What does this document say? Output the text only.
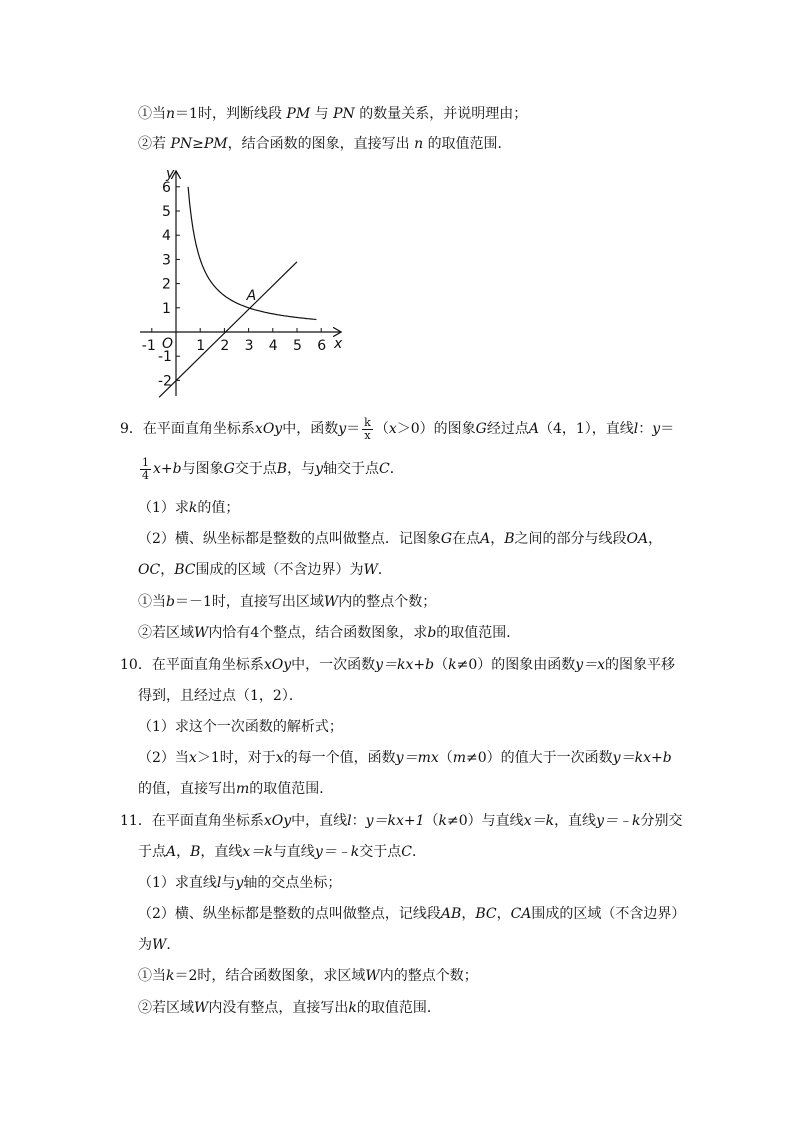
①当n＝1时，判断线段 PM 与 PN 的数量关系，并说明理由；
②若 PN≥PM，结合函数的图象，直接写出 n 的取值范围．
-1	1 2 3 4 5 6
6
5
4
3
2
1
-1
-2
y
x
O
A
9．在平面直角坐标系xOy中，函数$y= \frac{k}{x} (x>0)$的图象G经过点A（4，1），直线l：y＝
$\frac{1}{4} x+b$与图象G交于点B，与y轴交于点C．
（1）求k的值；
（2）横、纵坐标都是整数的点叫做整点．记图象G在点A，B之间的部分与线段OA，
OC，BC围成的区域（不含边界）为W．
①当b＝－1时，直接写出区域W内的整点个数；
②若区域W内恰有4个整点，结合函数图象，求b的取值范围．
10．在平面直角坐标系xOy中，一次函数y＝kx+b（k≠0）的图象由函数y＝x的图象平移
得到，且经过点（1，2）．
（1）求这个一次函数的解析式；
（2）当x＞1时，对于x的每一个值，函数y＝mx（m≠0）的值大于一次函数y＝kx+b
的值，直接写出m的取值范围．
11．在平面直角坐标系xOy中，直线l：y＝kx+1（k≠0）与直线x＝k，直线y＝﹣k分别交
于点A，B，直线x＝k与直线y＝﹣k交于点C．
（1）求直线l与y轴的交点坐标；
（2）横、纵坐标都是整数的点叫做整点，记线段AB，BC，CA围成的区域（不含边界）
为W．
①当k＝2时，结合函数图象，求区域W内的整点个数；
②若区域W内没有整点，直接写出k的取值范围．
